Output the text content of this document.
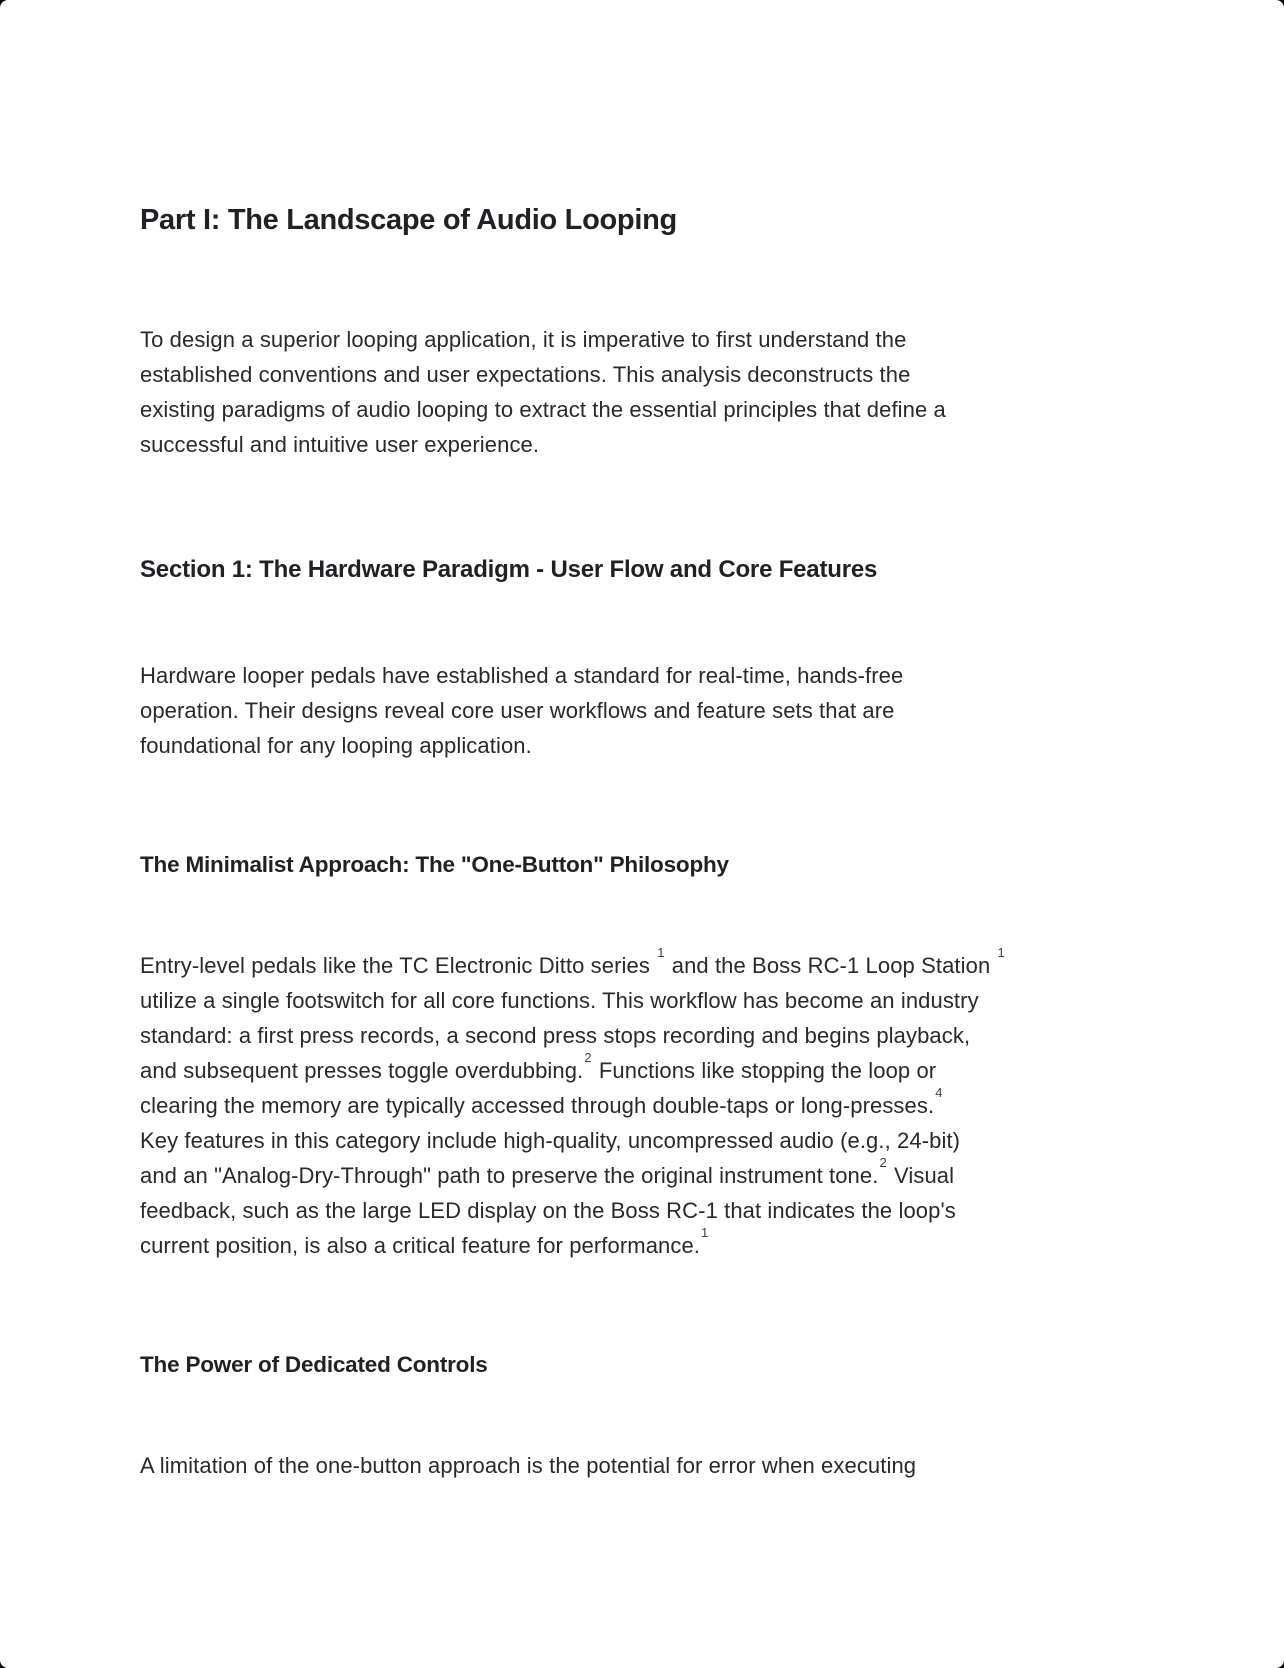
Part I: The Landscape of Audio Looping

To design a superior looping application, it is imperative to first understand the
established conventions and user expectations. This analysis deconstructs the
existing paradigms of audio looping to extract the essential principles that define a
successful and intuitive user experience.

Section 1: The Hardware Paradigm - User Flow and Core Features

Hardware looper pedals have established a standard for real-time, hands-free
operation. Their designs reveal core user workflows and feature sets that are
foundational for any looping application.

The Minimalist Approach: The "One-Button" Philosophy

Entry-level pedals like the TC Electronic Ditto series $^1$ and the Boss RC-1 Loop Station $^1$
utilize a single footswitch for all core functions. This workflow has become an industry
standard: a first press records, a second press stops recording and begins playback,
and subsequent presses toggle overdubbing.$^2$ Functions like stopping the loop or
clearing the memory are typically accessed through double-taps or long-presses.$^4$
Key features in this category include high-quality, uncompressed audio (e.g., 24-bit)
and an "Analog-Dry-Through" path to preserve the original instrument tone.$^2$ Visual
feedback, such as the large LED display on the Boss RC-1 that indicates the loop's
current position, is also a critical feature for performance.$^1$

The Power of Dedicated Controls

A limitation of the one-button approach is the potential for error when executing
